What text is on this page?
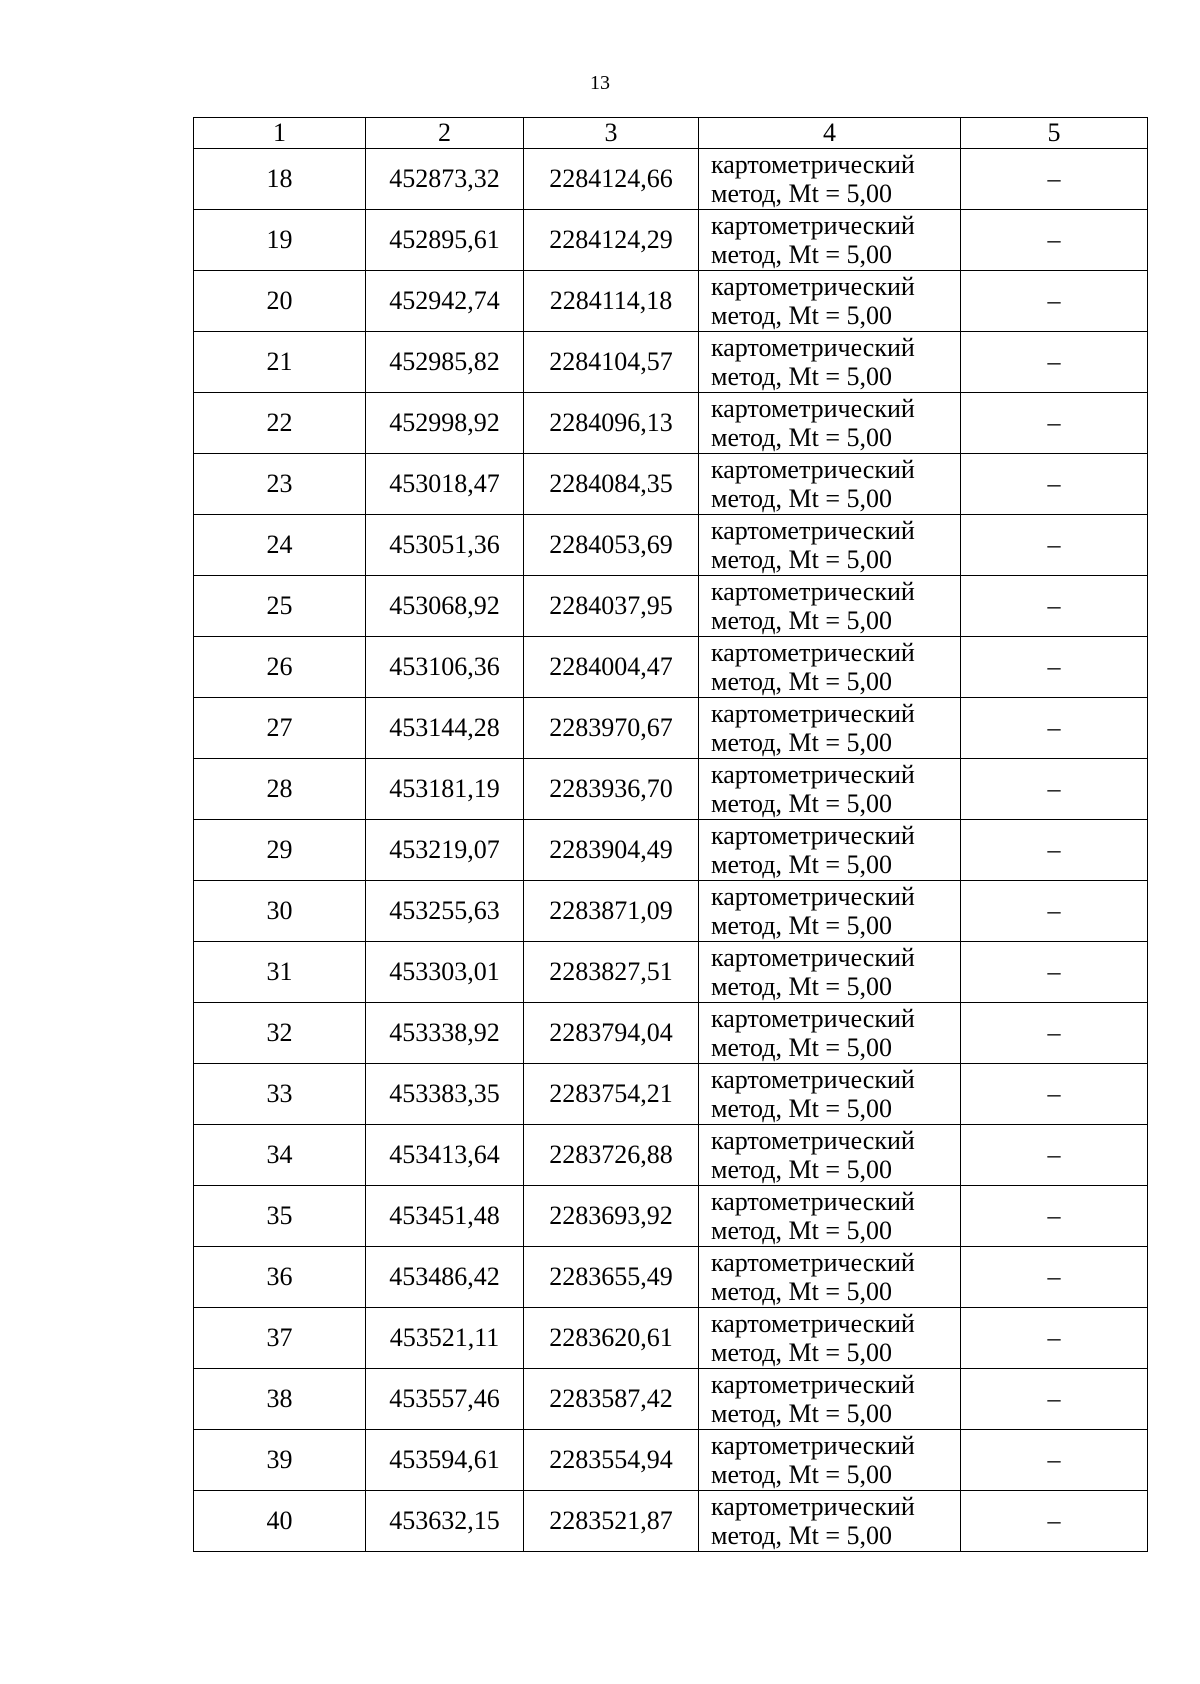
13
1	2	3	4	5
18	452873,32	2284124,66	картометрический
метод, Mt = 5,00	–
19	452895,61	2284124,29	картометрический
метод, Mt = 5,00	–
20	452942,74	2284114,18	картометрический
метод, Mt = 5,00	–
21	452985,82	2284104,57	картометрический
метод, Mt = 5,00	–
22	452998,92	2284096,13	картометрический
метод, Mt = 5,00	–
23	453018,47	2284084,35	картометрический
метод, Mt = 5,00	–
24	453051,36	2284053,69	картометрический
метод, Mt = 5,00	–
25	453068,92	2284037,95	картометрический
метод, Mt = 5,00	–
26	453106,36	2284004,47	картометрический
метод, Mt = 5,00	–
27	453144,28	2283970,67	картометрический
метод, Mt = 5,00	–
28	453181,19	2283936,70	картометрический
метод, Mt = 5,00	–
29	453219,07	2283904,49	картометрический
метод, Mt = 5,00	–
30	453255,63	2283871,09	картометрический
метод, Mt = 5,00	–
31	453303,01	2283827,51	картометрический
метод, Mt = 5,00	–
32	453338,92	2283794,04	картометрический
метод, Mt = 5,00	–
33	453383,35	2283754,21	картометрический
метод, Mt = 5,00	–
34	453413,64	2283726,88	картометрический
метод, Mt = 5,00	–
35	453451,48	2283693,92	картометрический
метод, Mt = 5,00	–
36	453486,42	2283655,49	картометрический
метод, Mt = 5,00	–
37	453521,11	2283620,61	картометрический
метод, Mt = 5,00	–
38	453557,46	2283587,42	картометрический
метод, Mt = 5,00	–
39	453594,61	2283554,94	картометрический
метод, Mt = 5,00	–
40	453632,15	2283521,87	картометрический
метод, Mt = 5,00	–
